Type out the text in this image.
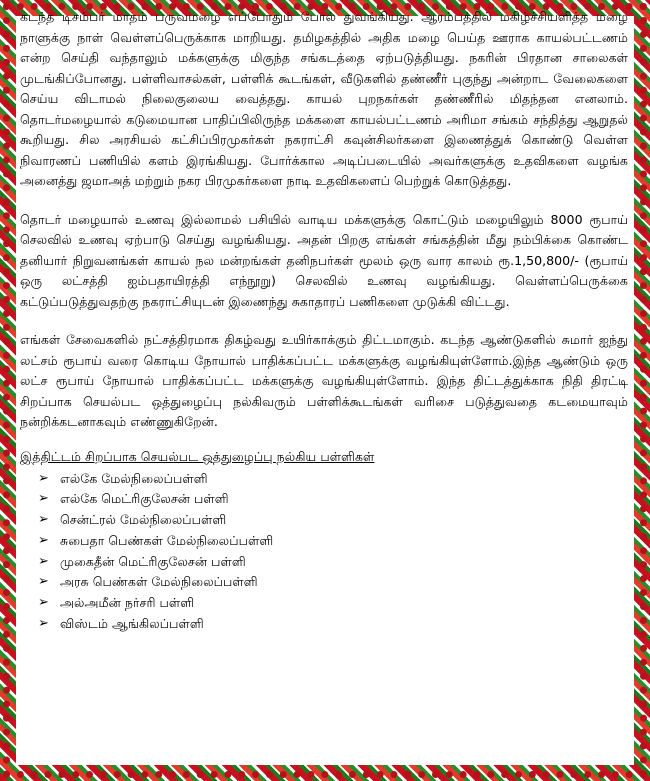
கடந்த டிசம்பர் மாதம் பருவமழை எப்போதும் போல் துவங்கியது. ஆரம்பத்தில் மகிழ்ச்சியளித்த மழை நாளுக்கு நாள் வெள்ளப்பெருக்காக மாறியது. தமிழகத்தில் அதிக மழை பெய்த ஊராக காயல்பட்டணம் என்ற செய்தி வந்தாலும் மக்களுக்கு மிகுந்த சங்கடத்தை ஏற்படுத்தியது. நகரின் பிரதான சாலைகள் முடங்கிப்போனது. பள்ளிவாசல்கள், பள்ளிக் கூடங்கள், வீடுகளில் தண்ணீர் புகுந்து அன்றாட வேலைகளை செய்ய விடாமல் நிலைகுலைய வைத்தது. காயல் புறநகர்கள் தண்ணீரில் மிதந்தன எனலாம். தொடர்மழையால் கடுமையான பாதிப்பிலிருந்த மக்களை காயல்பட்டணம் அரிமா சங்கம் சந்தித்து ஆறுதல் கூறியது. சில அரசியல் கட்சிப்பிரமுகர்கள் நகராட்சி கவுன்சிலர்களை இணைத்துக் கொண்டு வெள்ள நிவாரணப் பணியில் களம் இரங்கியது. போர்க்கால அடிப்படையில் அவர்களுக்கு உதவிகளை வழங்க அனைத்து ஜமாஅத் மற்றும் நகர பிரமுகர்களை நாடி உதவிகளைப் பெற்றுக் கொடுத்தது.

தொடர் மழையால் உணவு இல்லாமல் பசியில் வாடிய மக்களுக்கு கொட்டும் மழையிலும் 8000 ரூபாய் செலவில் உணவு ஏற்பாடு செய்து வழங்கியது. அதன் பிறகு எங்கள் சங்கத்தின் மீது நம்பிக்கை கொண்ட தனியார் நிறுவனங்கள் காயல் நல மன்றங்கள் தனிநபர்கள் மூலம் ஒரு வார காலம் ரூ.1,50,800/- (ரூபாய் ஒரு லட்சத்தி ஐம்பதாயிரத்தி எந்நூறு) செலவில் உணவு வழங்கியது. வெள்ளப்பெருக்கை கட்டுப்படுத்துவதற்கு நகராட்சியுடன் இணைந்து சுகாதாரப் பணிகளை முடுக்கி விட்டது.

எங்கள் சேவைகளில் நட்சத்திரமாக திகழ்வது உயிர்காக்கும் திட்டமாகும். கடந்த ஆண்டுகளில் சுமார் ஐந்து லட்சம் ரூபாய் வரை கொடிய நோயால் பாதிக்கப்பட்ட மக்களுக்கு வழங்கியுள்ளோம்.இந்த ஆண்டும் ஒரு லட்ச ரூபாய் நோயால் பாதிக்கப்பட்ட மக்களுக்கு வழங்கியுள்ளோம். இந்த திட்டத்துக்காக நிதி திரட்டி சிறப்பாக செயல்பட ஒத்துழைப்பு நல்கிவரும் பள்ளிக்கூடங்கள் வரிசை படுத்துவதை கடமையாவும் நன்றிக்கடனாகவும் எண்ணுகிறேன்.

இத்திட்டம் சிறப்பாக செயல்பட ஒத்துழைப்பு நல்கிய பள்ளிகள்
➢ எல்கே மேல்நிலைப்பள்ளி
➢ எல்கே மெட்ரிகுலேசன் பள்ளி
➢ சென்ட்ரல் மேல்நிலைப்பள்ளி
➢ சுபைதா பெண்கள் மேல்நிலைப்பள்ளி
➢ முகைதீன் மெட்ரிகுலேசன் பள்ளி
➢ அரசு பெண்கள் மேல்நிலைப்பள்ளி
➢ அல்அமீன் நர்சரி பள்ளி
➢ விஸ்டம் ஆங்கிலப்பள்ளி
